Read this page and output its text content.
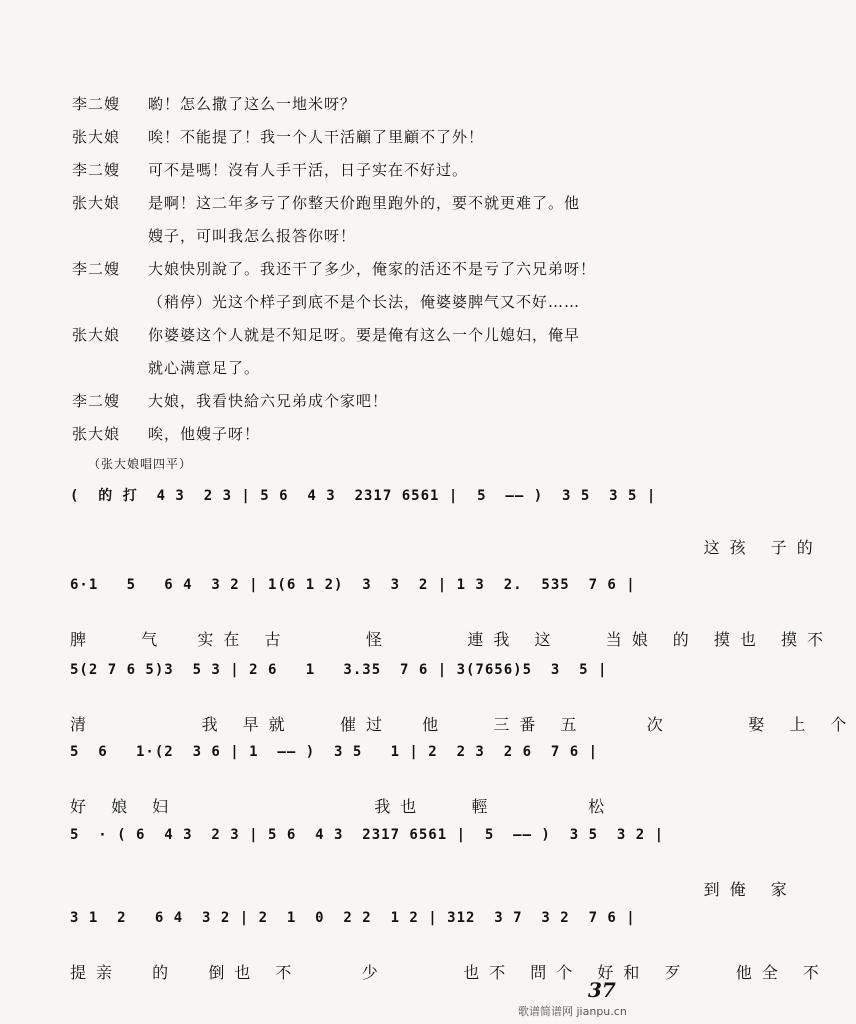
李二嫂	喲！怎么撒了这么一地米呀？
张大娘	唉！不能提了！我一个人干活顧了里顧不了外！
李二嫂	可不是嗎！沒有人手干活，日子实在不好过。
张大娘	是啊！这二年多亏了你整天价跑里跑外的，要不就更难了。他
嫂子，可叫我怎么报答你呀！
李二嫂	大娘快別說了。我还干了多少，俺家的活还不是亏了六兄弟呀！
（稍停）光这个样子到底不是个长法，俺婆婆脾气又不好……
张大娘	你婆婆这个人就是不知足呀。要是俺有这么一个儿媳妇，俺早
就心满意足了。
李二嫂	大娘，我看快給六兄弟成个家吧！
张大娘	唉，他嫂子呀！
（张大娘唱四平）
(  的 打  4 3  2 3 | 5 6  4 3  2317 6561 |  5  —— )  3 5  3 5 |
这孩 子的
6·1   5   6 4  3 2 | 1(6 1 2)  3  3  2 | 1 3  2.  535  7 6 |
脾   气  实在 古     怪     連我 这   当娘 的 摸也 摸不
5(2 7 6 5)3  5 3 | 2 6   1   3.35  7 6 | 3(7656)5  3  5 |
清       我 早就   催过  他   三番 五    次     娶 上 个
5  6   1·(2  3 6 | 1  —— )  3 5   1 | 2  2 3  2 6  7 6 |
好 娘 妇             我也   輕      松
5  · ( 6  4 3  2 3 | 5 6  4 3  2317 6561 |  5  —— )  3 5  3 2 |
到俺 家
3 1  2   6 4  3 2 | 2  1  0  2 2  1 2 | 312  3 7  3 2  7 6 |
提亲  的  倒也 不    少     也不 問个 好和 歹   他全 不
37
歌谱简谱网 jianpu.cn
